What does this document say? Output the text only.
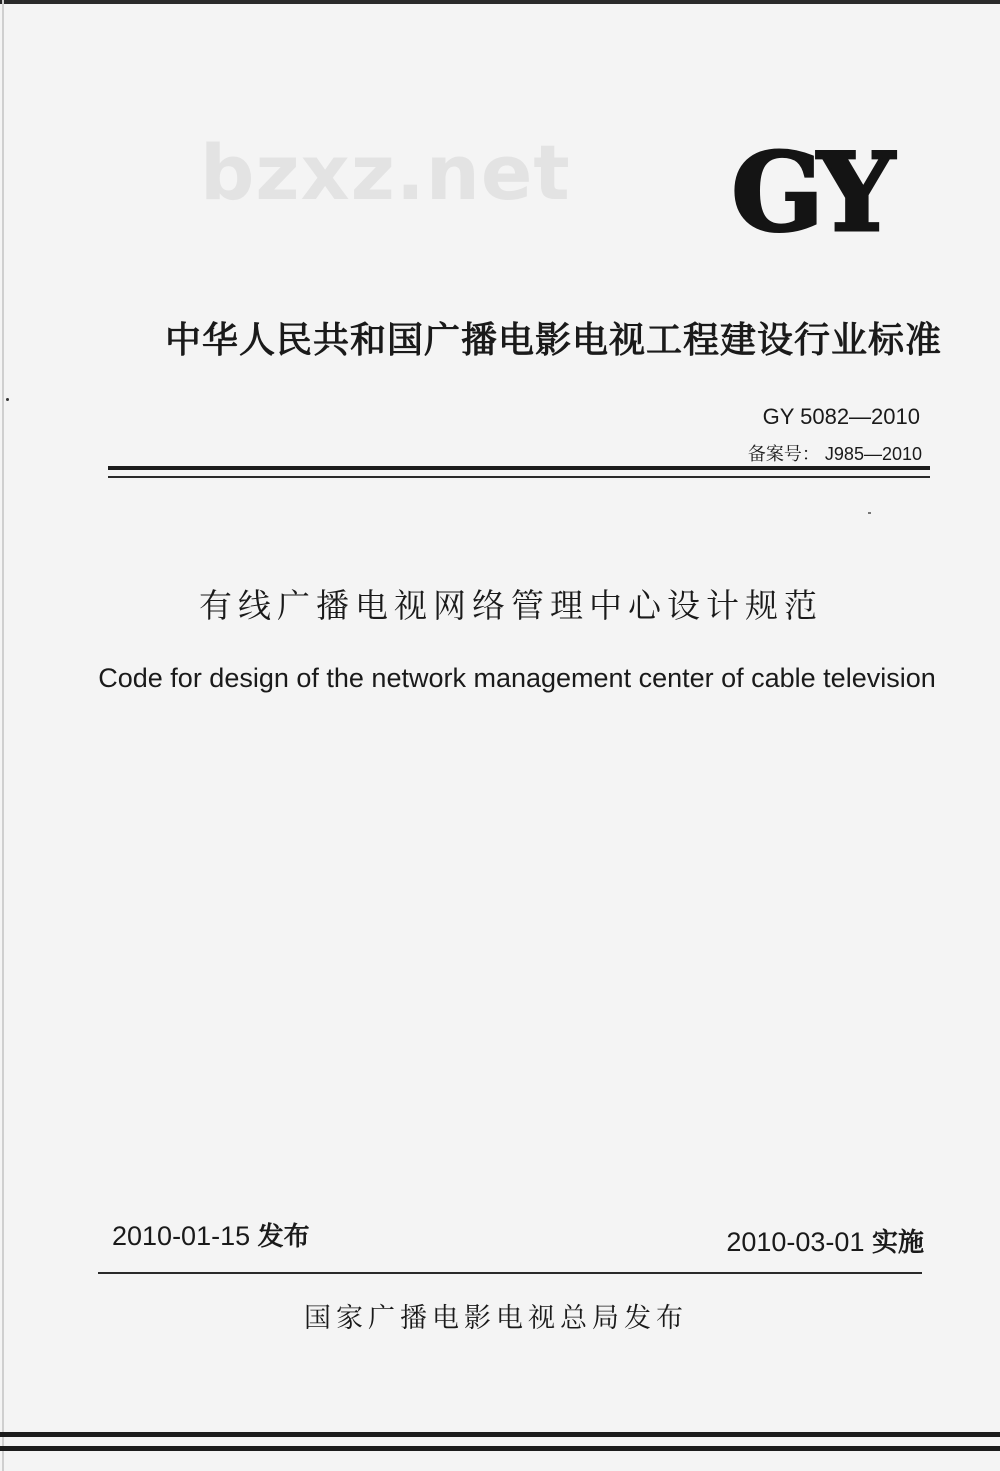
bzxz.net GY
中华人民共和国广播电影电视工程建设行业标准
GY 5082—2010
备案号： J985—2010
有线广播电视网络管理中心设计规范
Code for design of the network management center of cable television
2010-01-15 发布	2010-03-01 实施
国家广播电影电视总局发布
